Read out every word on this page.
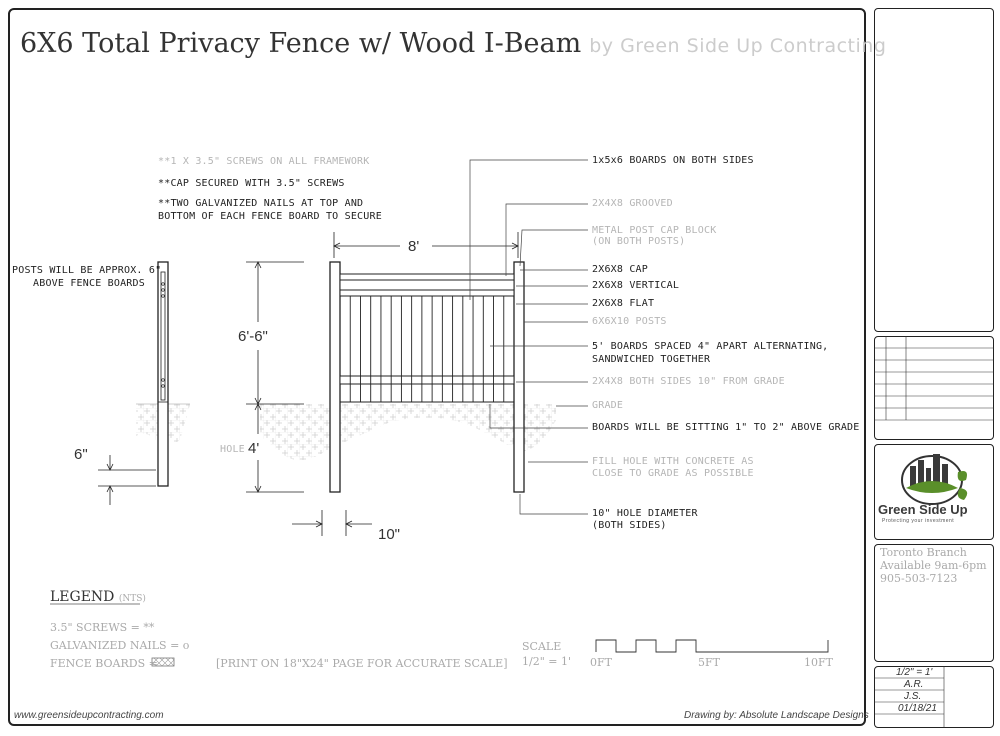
6X6 Total Privacy Fence w/ Wood I-Beam by Green Side Up Contracting
**1 X 3.5" SCREWS ON ALL FRAMEWORK
**CAP SECURED WITH 3.5" SCREWS
**TWO GALVANIZED NAILS AT TOP AND
BOTTOM OF EACH FENCE BOARD TO SECURE
POSTS WILL BE APPROX. 6"
ABOVE FENCE BOARDS
1x5x6 BOARDS ON BOTH SIDES
2X4X8 GROOVED
METAL POST CAP BLOCK
(ON BOTH POSTS)
2X6X8 CAP
2X6X8 VERTICAL
2X6X8 FLAT
6X6X10 POSTS
5' BOARDS SPACED 4" APART ALTERNATING,
SANDWICHED TOGETHER
2X4X8 BOTH SIDES 10" FROM GRADE
GRADE
BOARDS WILL BE SITTING 1" TO 2" ABOVE GRADE
FILL HOLE WITH CONCRETE AS
CLOSE TO GRADE AS POSSIBLE
10" HOLE DIAMETER
(BOTH SIDES)
8'
6'-6"
HOLE 4'
6"
10"
LEGEND (NTS)
3.5" SCREWS = **
GALVANIZED NAILS = o
FENCE BOARDS =	[PRINT ON 18"X24" PAGE FOR ACCURATE SCALE]
SCALE
1/2" = 1' 0FT	5FT	10FT
www.greensideupcontracting.com	Drawing by: Absolute Landscape Designs
Green Side Up
Protecting your investment
Toronto Branch
Available 9am-6pm
905-503-7123
1/2" = 1'
A.R.
J.S.
01/18/21
